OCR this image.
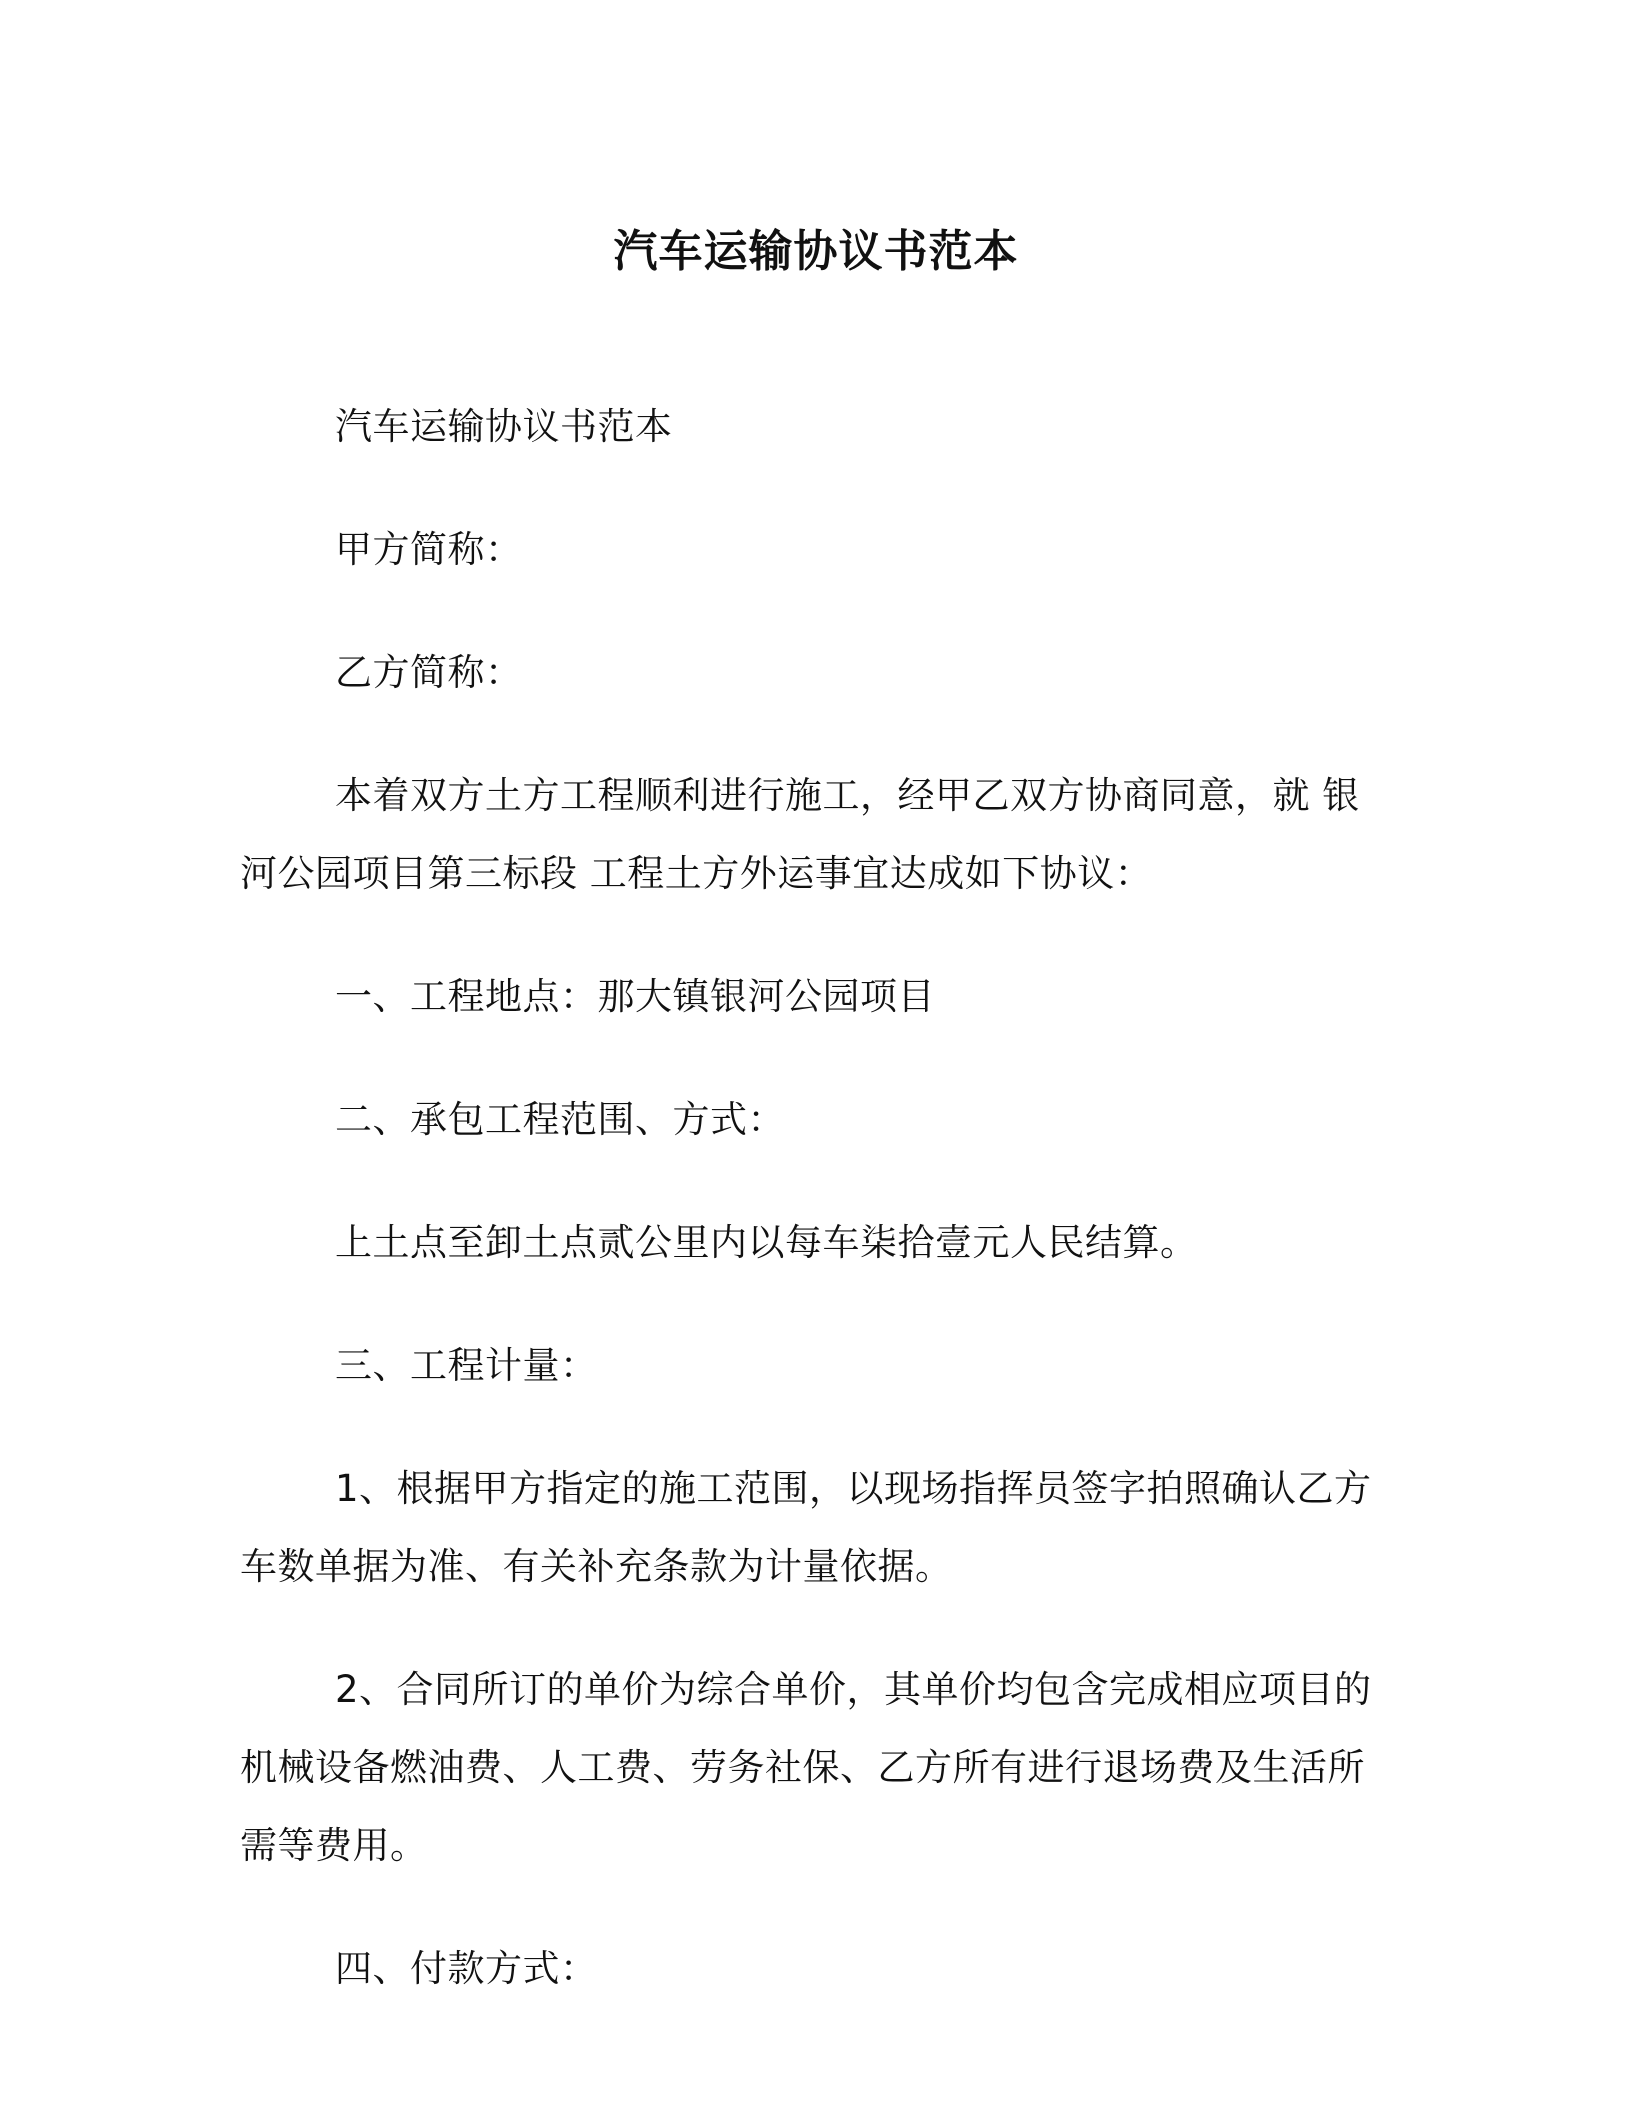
汽车运输协议书范本

汽车运输协议书范本

甲方简称：

乙方简称：

本着双方土方工程顺利进行施工，经甲乙双方协商同意，就 银河公园项目第三标段 工程土方外运事宜达成如下协议：

一、工程地点：那大镇银河公园项目

二、承包工程范围、方式：

上土点至卸土点贰公里内以每车柒拾壹元人民结算。

三、工程计量：

1、根据甲方指定的施工范围，以现场指挥员签字拍照确认乙方车数单据为准、有关补充条款为计量依据。

2、合同所订的单价为综合单价，其单价均包含完成相应项目的机械设备燃油费、人工费、劳务社保、乙方所有进行退场费及生活所需等费用。

四、付款方式：
